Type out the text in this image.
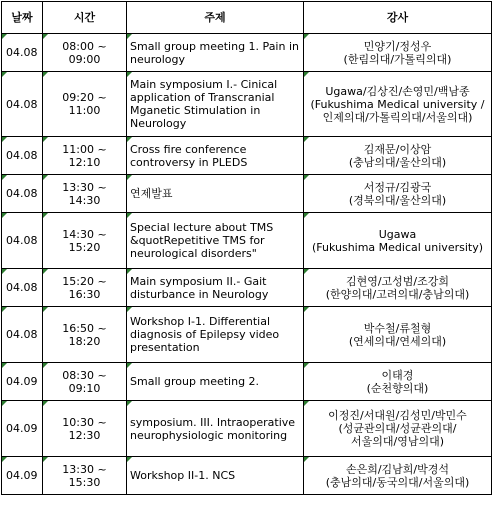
날짜	시간	주제	강사
04.08	08:00 ~ 09:00	Small group meeting 1. Pain in
neurology	민양기/정성우
(한림의대/가톨릭의대)

04.08	09:20 ~ 11:00	Main symposium I.- Cinical
application of Transcranial
Mganetic Stimulation in
Neurology	Ugawa/김상진/손영민/백남종
(Fukushima Medical university /
인제의대/가톨릭의대/서울의대)

04.08	11:00 ~ 12:10	Cross fire conference
controversy in PLEDS	김재문/이상암
(충남의대/울산의대)

04.08	13:30 ~ 14:30	연제발표	서정규/김광국
(경북의대/울산의대)

04.08	14:30 ~ 15:20	Special lecture about TMS
&quotRepetitive TMS for
neurological disorders"	Ugawa
(Fukushima Medical university)

04.08	15:20 ~ 16:30	Main symposium II.- Gait
disturbance in Neurology	김현영/고성범/조강희
(한양의대/고려의대/충남의대)

04.08	16:50 ~ 18:20	Workshop I-1. Differential
diagnosis of Epilepsy video
presentation	박수철/류철형
(연세의대/연세의대)

04.09	08:30 ~ 09:10	Small group meeting 2.	이태경
(순천향의대)

04.09	10:30 ~ 12:30	symposium. III. Intraoperative
neurophysiologic monitoring	이정진/서대원/김성민/박민수
(성균관의대/성균관의대/
서울의대/영남의대)

04.09	13:30 ~ 15:30	Workshop II-1. NCS	손은희/김남희/박경석
(충남의대/동국의대/서울의대)
